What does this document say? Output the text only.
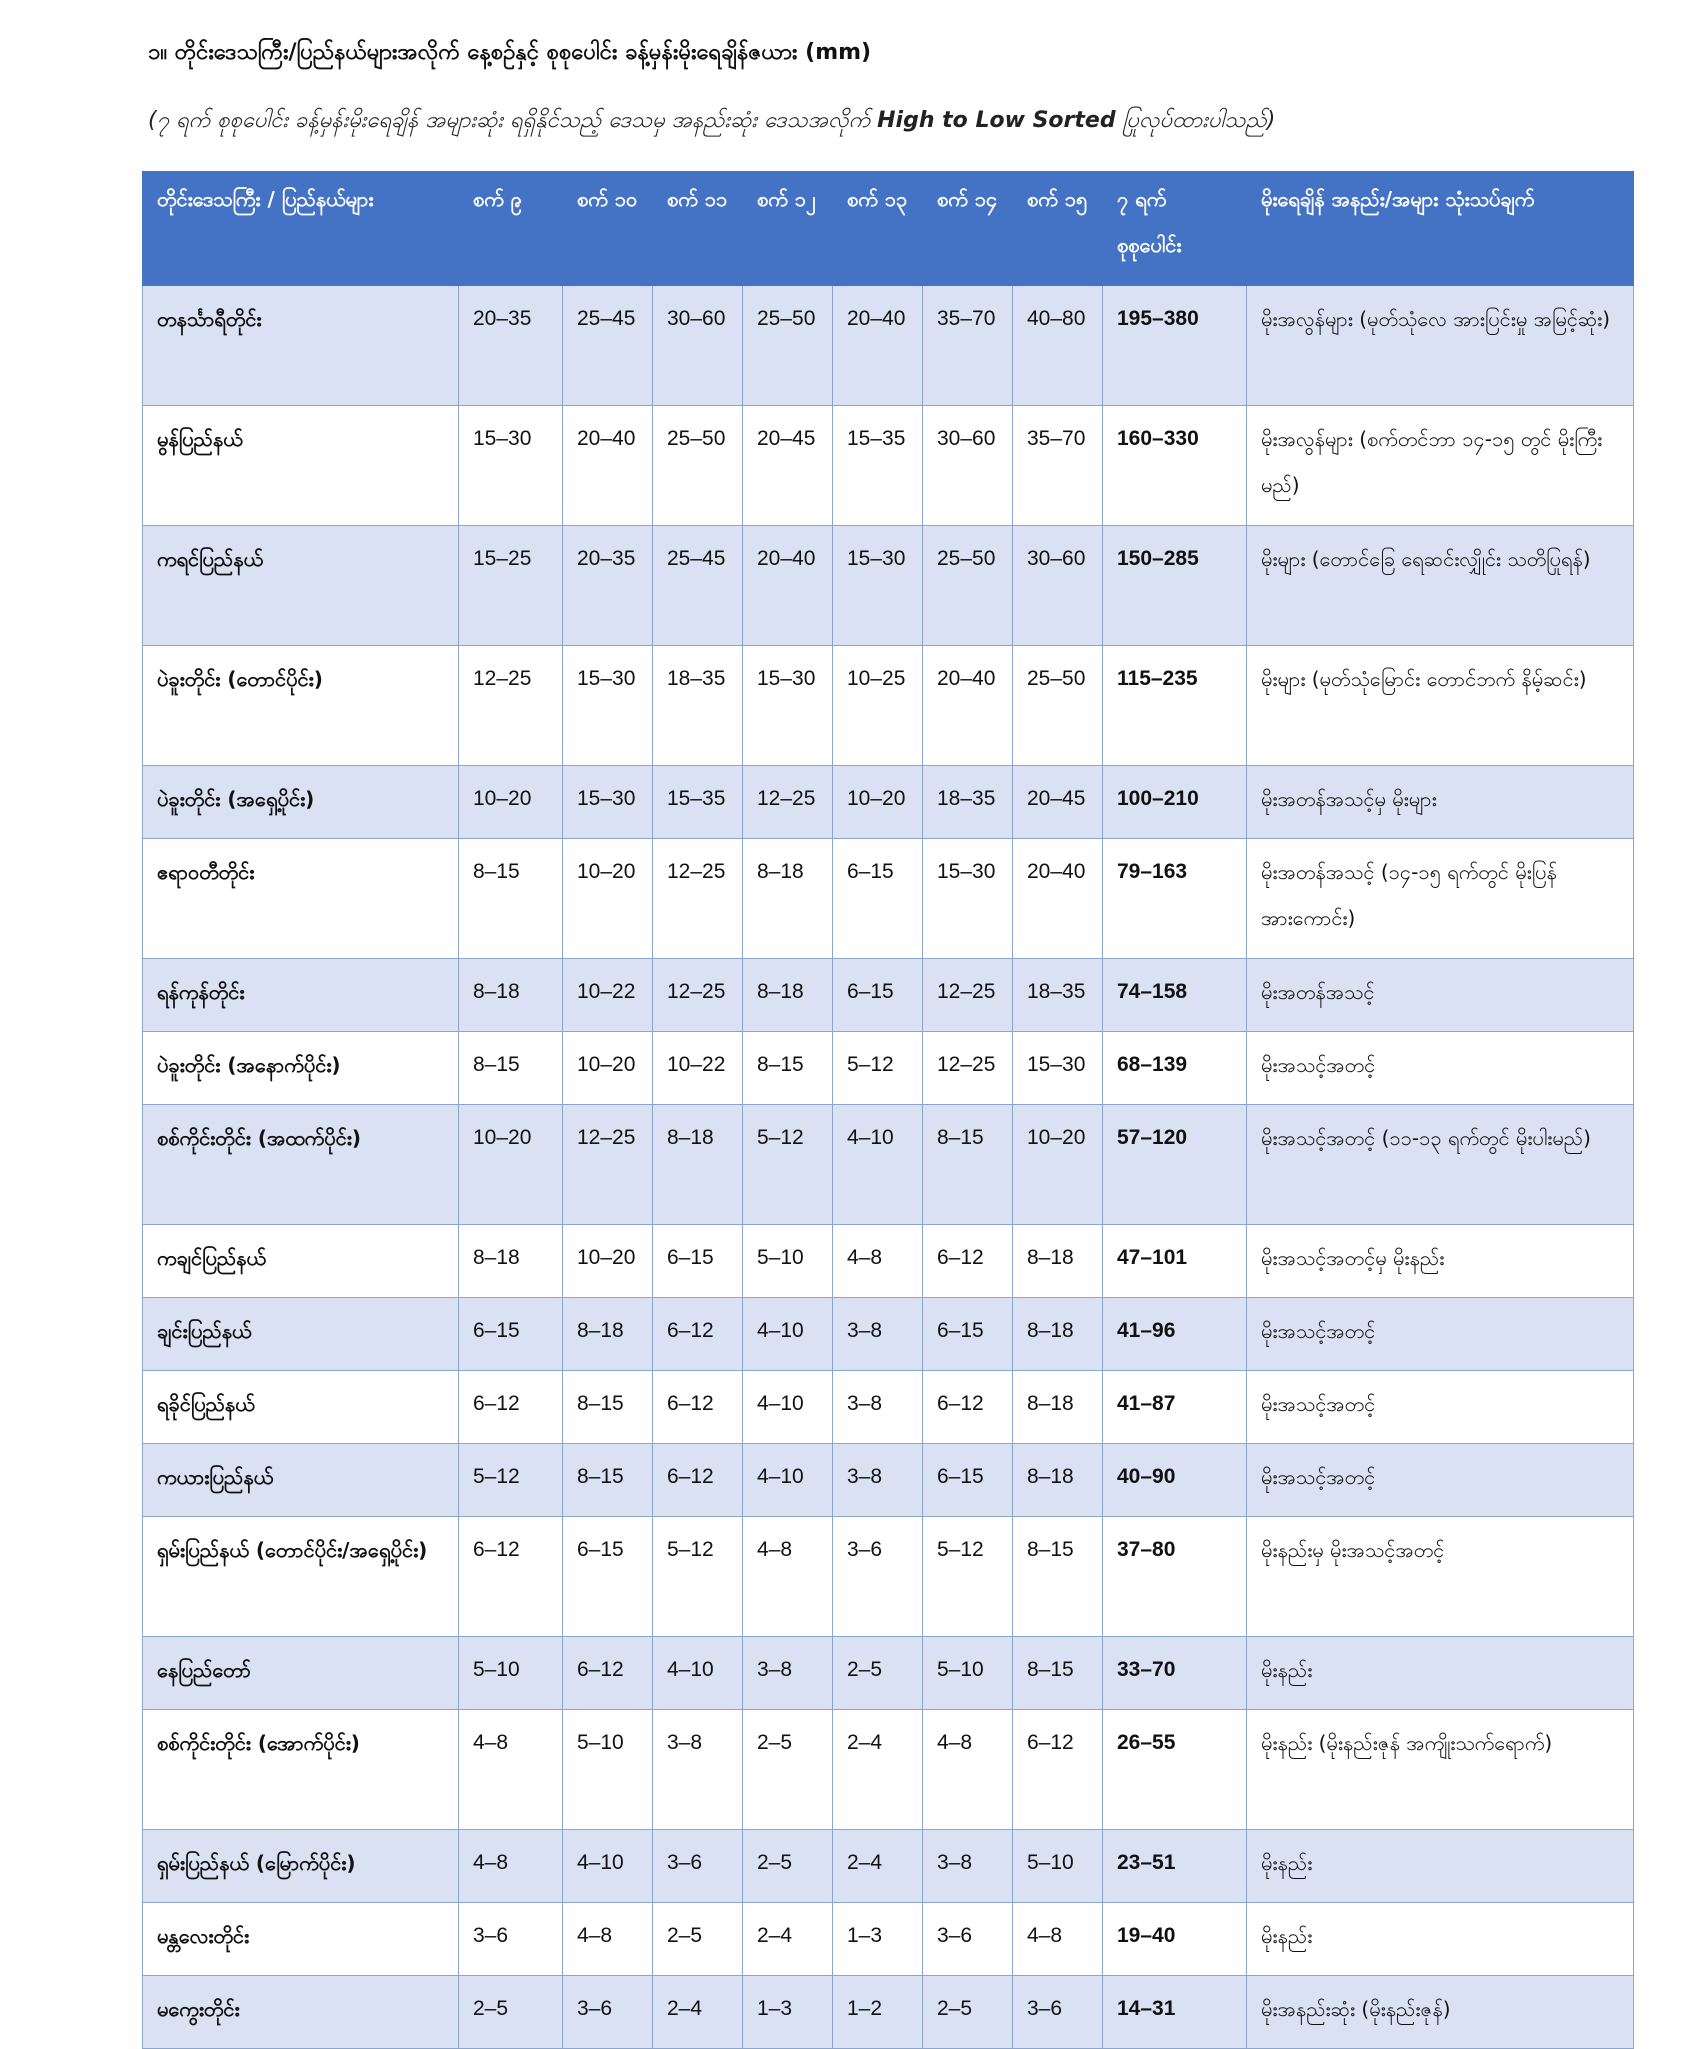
၁။ တိုင်းဒေသကြီး/ပြည်နယ်များအလိုက် နေ့စဉ်နှင့် စုစုပေါင်း ခန့်မှန်းမိုးရေချိန်ဇယား (mm)
(၇ ရက် စုစုပေါင်း ခန့်မှန်းမိုးရေချိန် အများဆုံး ရရှိနိုင်သည့် ဒေသမှ အနည်းဆုံး ဒေသအလိုက် High to Low Sorted ပြုလုပ်ထားပါသည်)
တိုင်းဒေသကြီး / ပြည်နယ်များ	စက် ၉	စက် ၁၀	စက် ၁၁	စက် ၁၂	စက် ၁၃	စက် ၁၄	စက် ၁၅	၇ ရက် စုစုပေါင်း	မိုးရေချိန် အနည်း/အများ သုံးသပ်ချက်
တနင်္သာရီတိုင်း	20–35	25–45	30–60	25–50	20–40	35–70	40–80	195–380	မိုးအလွန်များ (မုတ်သုံလေ အားပြင်းမှု အမြင့်ဆုံး)
မွန်ပြည်နယ်	15–30	20–40	25–50	20–45	15–35	30–60	35–70	160–330	မိုးအလွန်များ (စက်တင်ဘာ ၁၄-၁၅ တွင် မိုးကြီးမည်)
ကရင်ပြည်နယ်	15–25	20–35	25–45	20–40	15–30	25–50	30–60	150–285	မိုးများ (တောင်ခြေ ရေဆင်းလျှိုင်း သတိပြုရန်)
ပဲခူးတိုင်း (တောင်ပိုင်း)	12–25	15–30	18–35	15–30	10–25	20–40	25–50	115–235	မိုးများ (မုတ်သုံမြောင်း တောင်ဘက် နိမ့်ဆင်း)
ပဲခူးတိုင်း (အရှေ့ပိုင်း)	10–20	15–30	15–35	12–25	10–20	18–35	20–45	100–210	မိုးအတန်အသင့်မှ မိုးများ
ဧရာဝတီတိုင်း	8–15	10–20	12–25	8–18	6–15	15–30	20–40	79–163	မိုးအတန်အသင့် (၁၄-၁၅ ရက်တွင် မိုးပြန်အားကောင်း)
ရန်ကုန်တိုင်း	8–18	10–22	12–25	8–18	6–15	12–25	18–35	74–158	မိုးအတန်အသင့်
ပဲခူးတိုင်း (အနောက်ပိုင်း)	8–15	10–20	10–22	8–15	5–12	12–25	15–30	68–139	မိုးအသင့်အတင့်
စစ်ကိုင်းတိုင်း (အထက်ပိုင်း)	10–20	12–25	8–18	5–12	4–10	8–15	10–20	57–120	မိုးအသင့်အတင့် (၁၁-၁၃ ရက်တွင် မိုးပါးမည်)
ကချင်ပြည်နယ်	8–18	10–20	6–15	5–10	4–8	6–12	8–18	47–101	မိုးအသင့်အတင့်မှ မိုးနည်း
ချင်းပြည်နယ်	6–15	8–18	6–12	4–10	3–8	6–15	8–18	41–96	မိုးအသင့်အတင့်
ရခိုင်ပြည်နယ်	6–12	8–15	6–12	4–10	3–8	6–12	8–18	41–87	မိုးအသင့်အတင့်
ကယားပြည်နယ်	5–12	8–15	6–12	4–10	3–8	6–15	8–18	40–90	မိုးအသင့်အတင့်
ရှမ်းပြည်နယ် (တောင်ပိုင်း/အရှေ့ပိုင်း)	6–12	6–15	5–12	4–8	3–6	5–12	8–15	37–80	မိုးနည်းမှ မိုးအသင့်အတင့်
နေပြည်တော်	5–10	6–12	4–10	3–8	2–5	5–10	8–15	33–70	မိုးနည်း
စစ်ကိုင်းတိုင်း (အောက်ပိုင်း)	4–8	5–10	3–8	2–5	2–4	4–8	6–12	26–55	မိုးနည်း (မိုးနည်းဇုန် အကျိုးသက်ရောက်)
ရှမ်းပြည်နယ် (မြောက်ပိုင်း)	4–8	4–10	3–6	2–5	2–4	3–8	5–10	23–51	မိုးနည်း
မန္တလေးတိုင်း	3–6	4–8	2–5	2–4	1–3	3–6	4–8	19–40	မိုးနည်း
မကွေးတိုင်း	2–5	3–6	2–4	1–3	1–2	2–5	3–6	14–31	မိုးအနည်းဆုံး (မိုးနည်းဇုန်)
